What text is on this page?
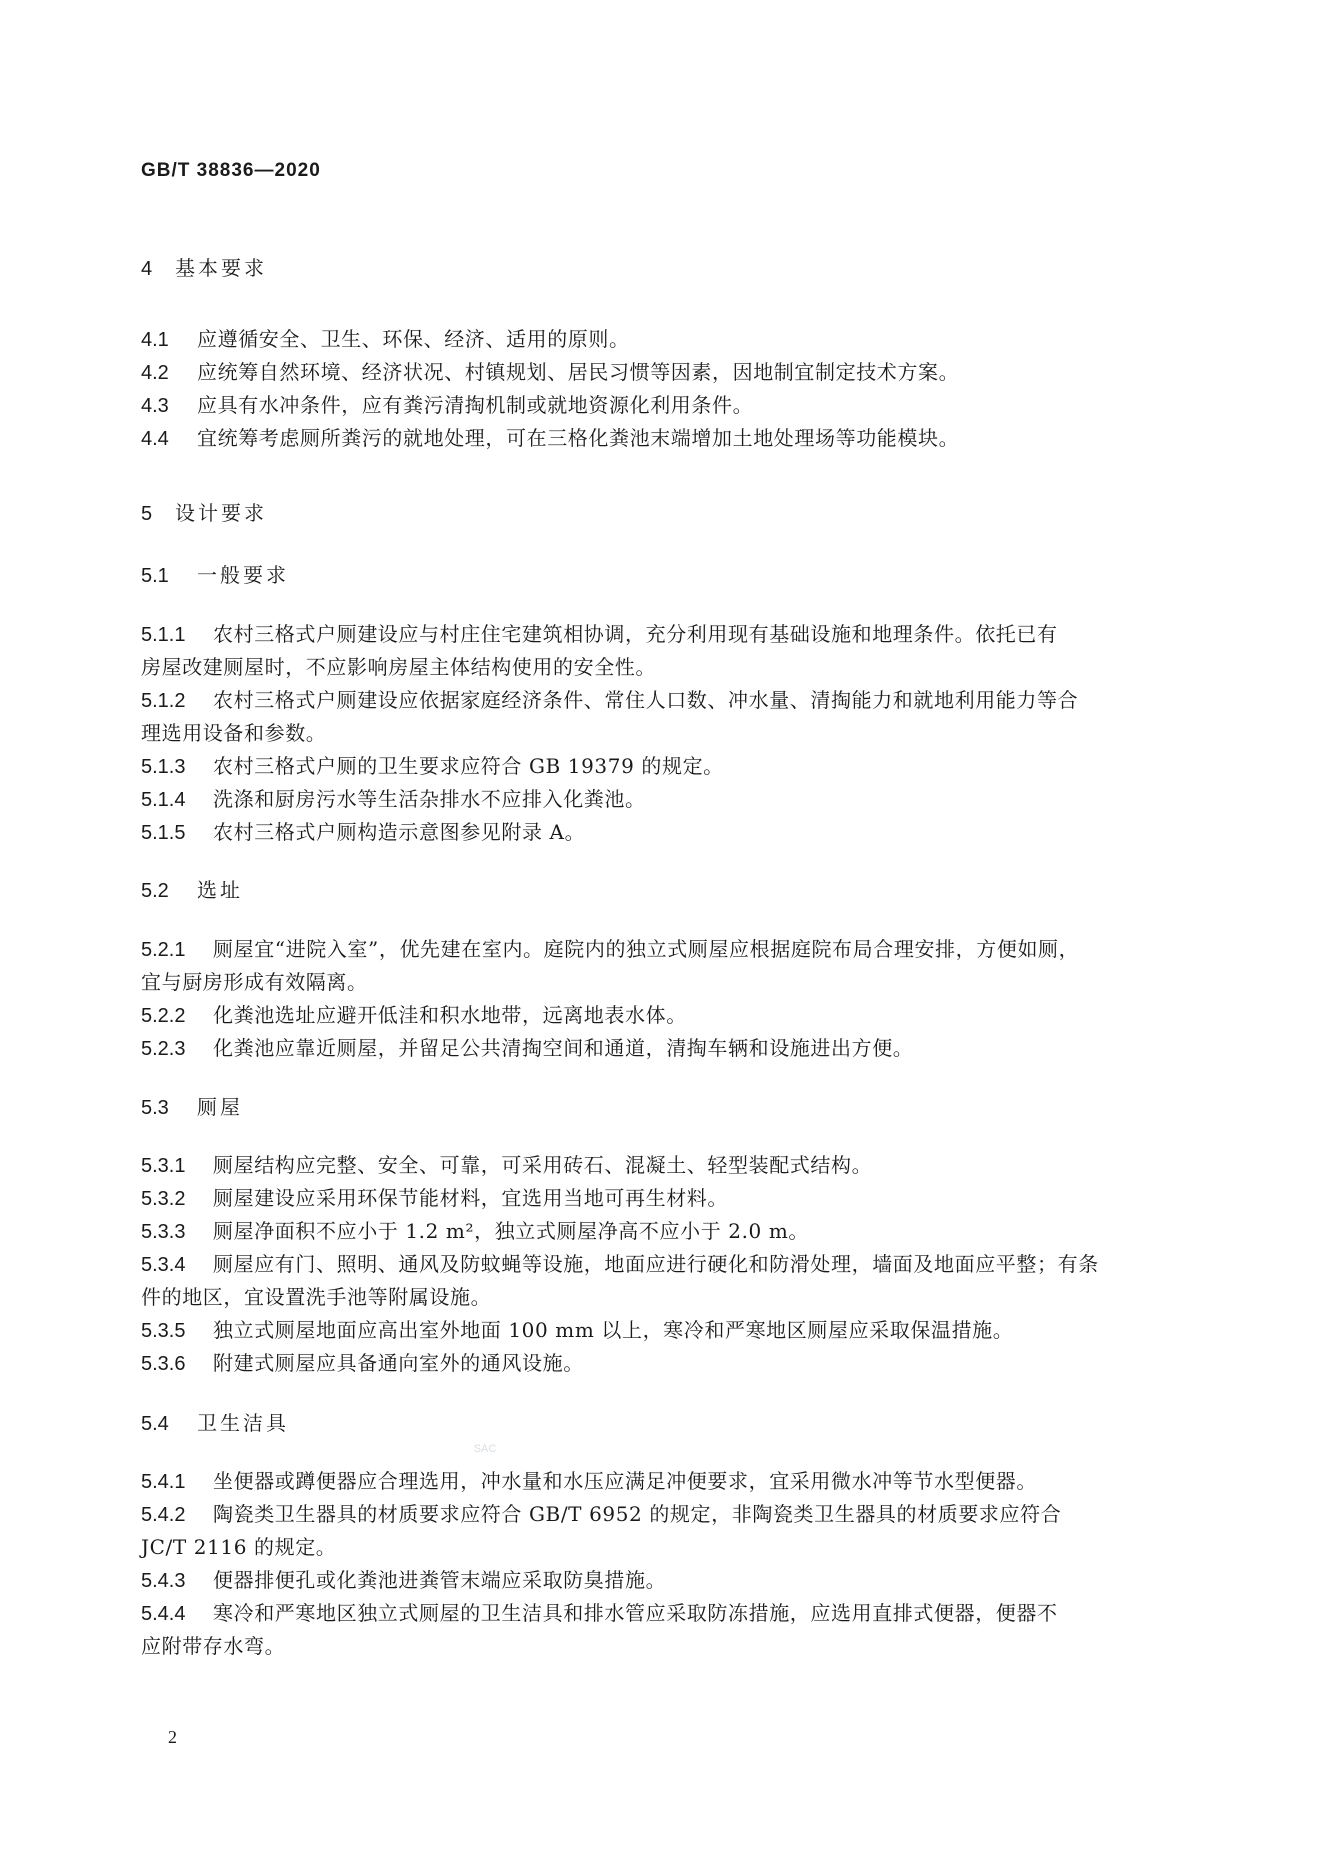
GB/T 38836—2020
4 基本要求
4.1 应遵循安全、卫生、环保、经济、适用的原则。
4.2 应统筹自然环境、经济状况、村镇规划、居民习惯等因素，因地制宜制定技术方案。
4.3 应具有水冲条件，应有粪污清掏机制或就地资源化利用条件。
4.4 宜统筹考虑厕所粪污的就地处理，可在三格化粪池末端增加土地处理场等功能模块。
5 设计要求
5.1 一般要求
5.1.1 农村三格式户厕建设应与村庄住宅建筑相协调，充分利用现有基础设施和地理条件。依托已有
房屋改建厕屋时，不应影响房屋主体结构使用的安全性。
5.1.2 农村三格式户厕建设应依据家庭经济条件、常住人口数、冲水量、清掏能力和就地利用能力等合
理选用设备和参数。
5.1.3 农村三格式户厕的卫生要求应符合 GB 19379 的规定。
5.1.4 洗涤和厨房污水等生活杂排水不应排入化粪池。
5.1.5 农村三格式户厕构造示意图参见附录 A。
5.2 选址
5.2.1 厕屋宜“进院入室”，优先建在室内。庭院内的独立式厕屋应根据庭院布局合理安排，方便如厕，
宜与厨房形成有效隔离。
5.2.2 化粪池选址应避开低洼和积水地带，远离地表水体。
5.2.3 化粪池应靠近厕屋，并留足公共清掏空间和通道，清掏车辆和设施进出方便。
5.3 厕屋
5.3.1 厕屋结构应完整、安全、可靠，可采用砖石、混凝土、轻型装配式结构。
5.3.2 厕屋建设应采用环保节能材料，宜选用当地可再生材料。
5.3.3 厕屋净面积不应小于 1.2 m²，独立式厕屋净高不应小于 2.0 m。
5.3.4 厕屋应有门、照明、通风及防蚊蝇等设施，地面应进行硬化和防滑处理，墙面及地面应平整；有条
件的地区，宜设置洗手池等附属设施。
5.3.5 独立式厕屋地面应高出室外地面 100 mm 以上，寒冷和严寒地区厕屋应采取保温措施。
5.3.6 附建式厕屋应具备通向室外的通风设施。
5.4 卫生洁具
SAC
5.4.1 坐便器或蹲便器应合理选用，冲水量和水压应满足冲便要求，宜采用微水冲等节水型便器。
5.4.2 陶瓷类卫生器具的材质要求应符合 GB/T 6952 的规定，非陶瓷类卫生器具的材质要求应符合
JC/T 2116 的规定。
5.4.3 便器排便孔或化粪池进粪管末端应采取防臭措施。
5.4.4 寒冷和严寒地区独立式厕屋的卫生洁具和排水管应采取防冻措施，应选用直排式便器，便器不
应附带存水弯。
2
